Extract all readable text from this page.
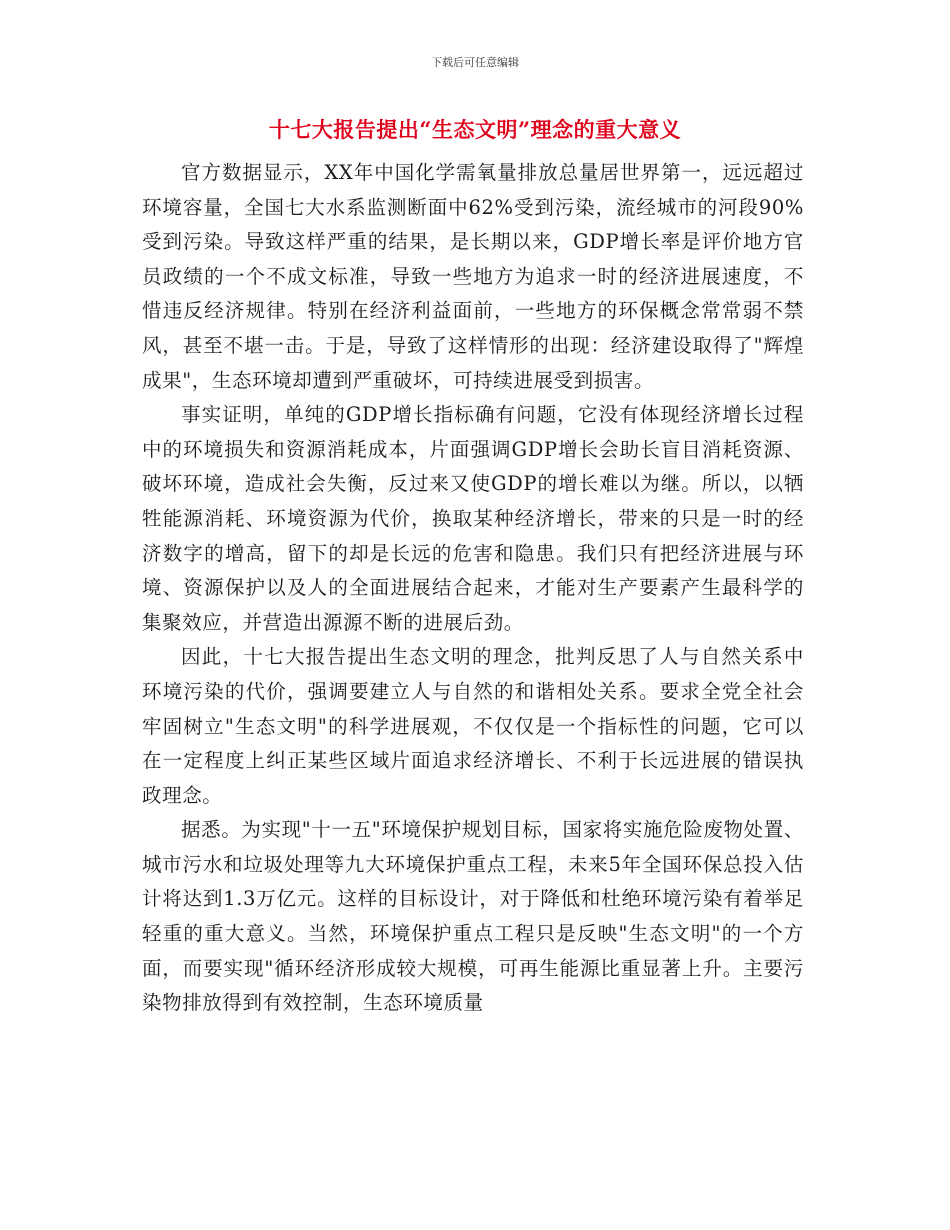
下载后可任意编辑
十七大报告提出“生态文明”理念的重大意义

官方数据显示，XX年中国化学需氧量排放总量居世界第一，远远超过环境容量，全国七大水系监测断面中62%受到污染，流经城市的河段90%受到污染。导致这样严重的结果，是长期以来，GDP增长率是评价地方官员政绩的一个不成文标准，导致一些地方为追求一时的经济进展速度，不惜违反经济规律。特别在经济利益面前，一些地方的环保概念常常弱不禁风，甚至不堪一击。于是，导致了这样情形的出现：经济建设取得了"辉煌成果"，生态环境却遭到严重破坏，可持续进展受到损害。

事实证明，单纯的GDP增长指标确有问题，它没有体现经济增长过程中的环境损失和资源消耗成本，片面强调GDP增长会助长盲目消耗资源、破坏环境，造成社会失衡，反过来又使GDP的增长难以为继。所以，以牺牲能源消耗、环境资源为代价，换取某种经济增长，带来的只是一时的经济数字的增高，留下的却是长远的危害和隐患。我们只有把经济进展与环境、资源保护以及人的全面进展结合起来，才能对生产要素产生最科学的集聚效应，并营造出源源不断的进展后劲。

因此，十七大报告提出生态文明的理念，批判反思了人与自然关系中环境污染的代价，强调要建立人与自然的和谐相处关系。要求全党全社会牢固树立"生态文明"的科学进展观，不仅仅是一个指标性的问题，它可以在一定程度上纠正某些区域片面追求经济增长、不利于长远进展的错误执政理念。

据悉。为实现"十一五"环境保护规划目标，国家将实施危险废物处置、城市污水和垃圾处理等九大环境保护重点工程，未来5年全国环保总投入估计将达到1.3万亿元。这样的目标设计，对于降低和杜绝环境污染有着举足轻重的重大意义。当然，环境保护重点工程只是反映"生态文明"的一个方面，而要实现"循环经济形成较大规模，可再生能源比重显著上升。主要污染物排放得到有效控制，生态环境质量
